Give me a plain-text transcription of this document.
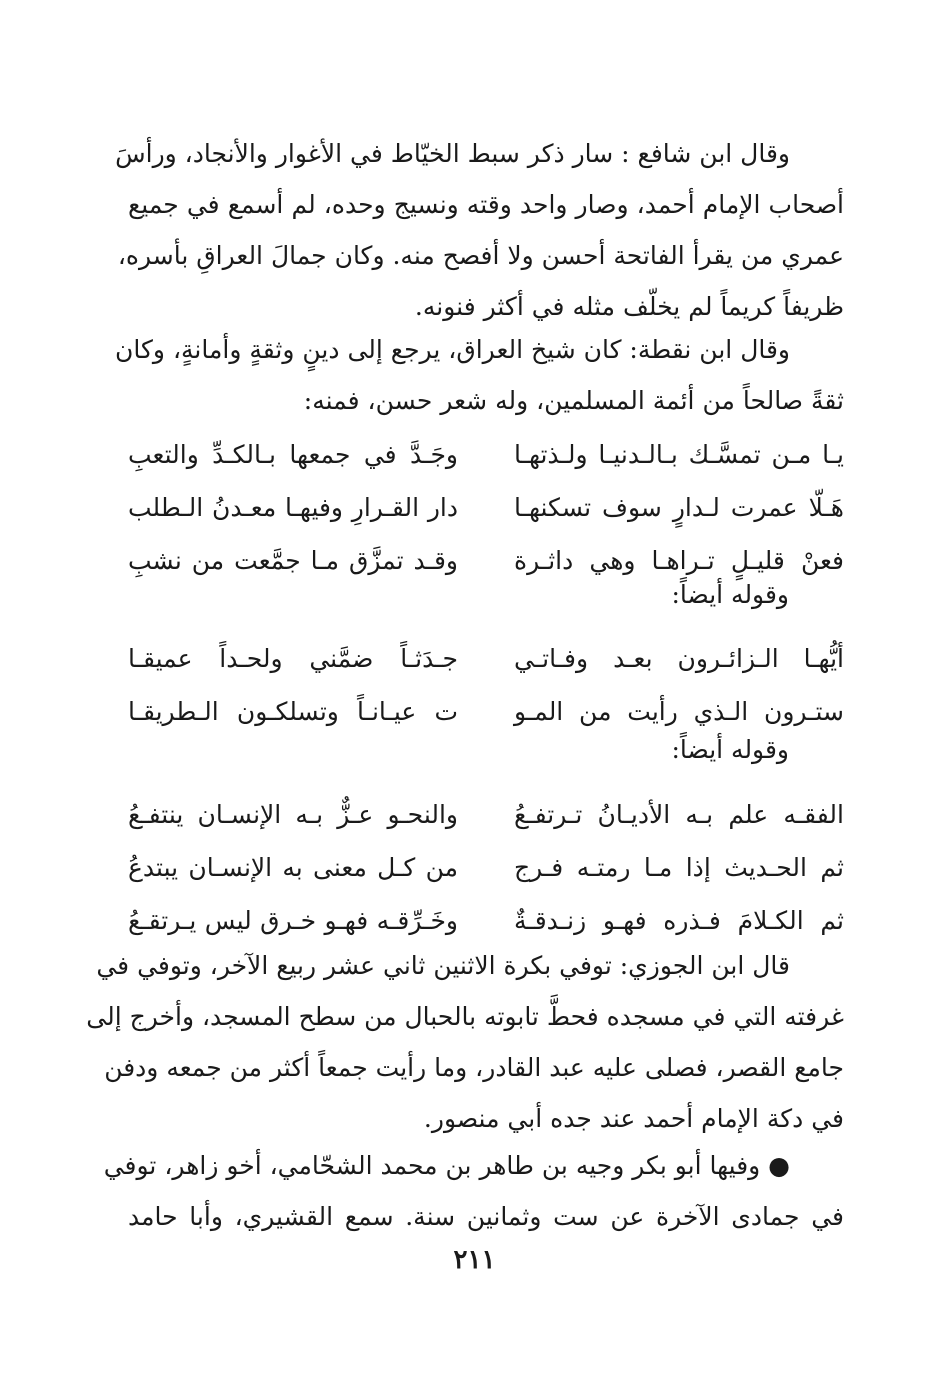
وقال ابن شافع : سار ذكر سبط الخيّاط في الأغوار والأنجاد، ورأسَ
أصحاب الإمام أحمد، وصار واحد وقته ونسيج وحده، لم أسمع في جميع
عمري من يقرأ الفاتحة أحسن ولا أفصح منه. وكان جمالَ العراقِ بأسره،
ظريفاً كريماً لم يخلّف مثله في أكثر فنونه.

وقال ابن نقطة: كان شيخ العراق، يرجع إلى دينٍ وثقةٍ وأمانةٍ، وكان
ثقةً صالحاً من أئمة المسلمين، وله شعر حسن، فمنه:

يـا مـن تمسَّـك بـالـدنيـا ولـذتهـا
وجَـدَّ في جمعها بـالكـدِّ والتعبِ
هَـلّا عمرت لـدارٍ سوف تسكنهـا
دار القـرارِ وفيهـا معـدنُ الـطلب
فعنْ قليـلٍ تـراهـا وهي داثـرة
وقـد تمزَّق مـا جمَّعت من نشبِ
وقوله أيضاً:
أيُّهـا الـزائـرون بعـد وفـاتـي
جـدَثـاً ضمَّني ولحـداً عميقـا
ستـرون الـذي رأيت من المـو
ت عيـانـاً وتسلكـون الـطريقـا
وقوله أيضاً:
الفقـه علم بـه الأديـانُ تـرتفـعُ
والنحـو عـزٌّ بـه الإنسـان ينتفـعُ
ثم الحـديث إذا مـا رمتـه فـرج
من كـل معنى به الإنسـان يبتدعُ
ثم الكـلامَ فـذره فهـو زنـدقـةٌ
وخَـرِّقـه فهـو خـرق ليس يـرتقـعُ

قال ابن الجوزي: توفي بكرة الاثنين ثاني عشر ربيع الآخر، وتوفي في
غرفته التي في مسجده فحطَّ تابوته بالحبال من سطح المسجد، وأخرج إلى
جامع القصر، فصلى عليه عبد القادر، وما رأيت جمعاً أكثر من جمعه ودفن
في دكة الإمام أحمد عند جده أبي منصور.

● وفيها أبو بكر وجيه بن طاهر بن محمد الشحّامي، أخو زاهر، توفي
في جمادى الآخرة عن ست وثمانين سنة. سمع القشيري، وأبا حامد

٢١١
